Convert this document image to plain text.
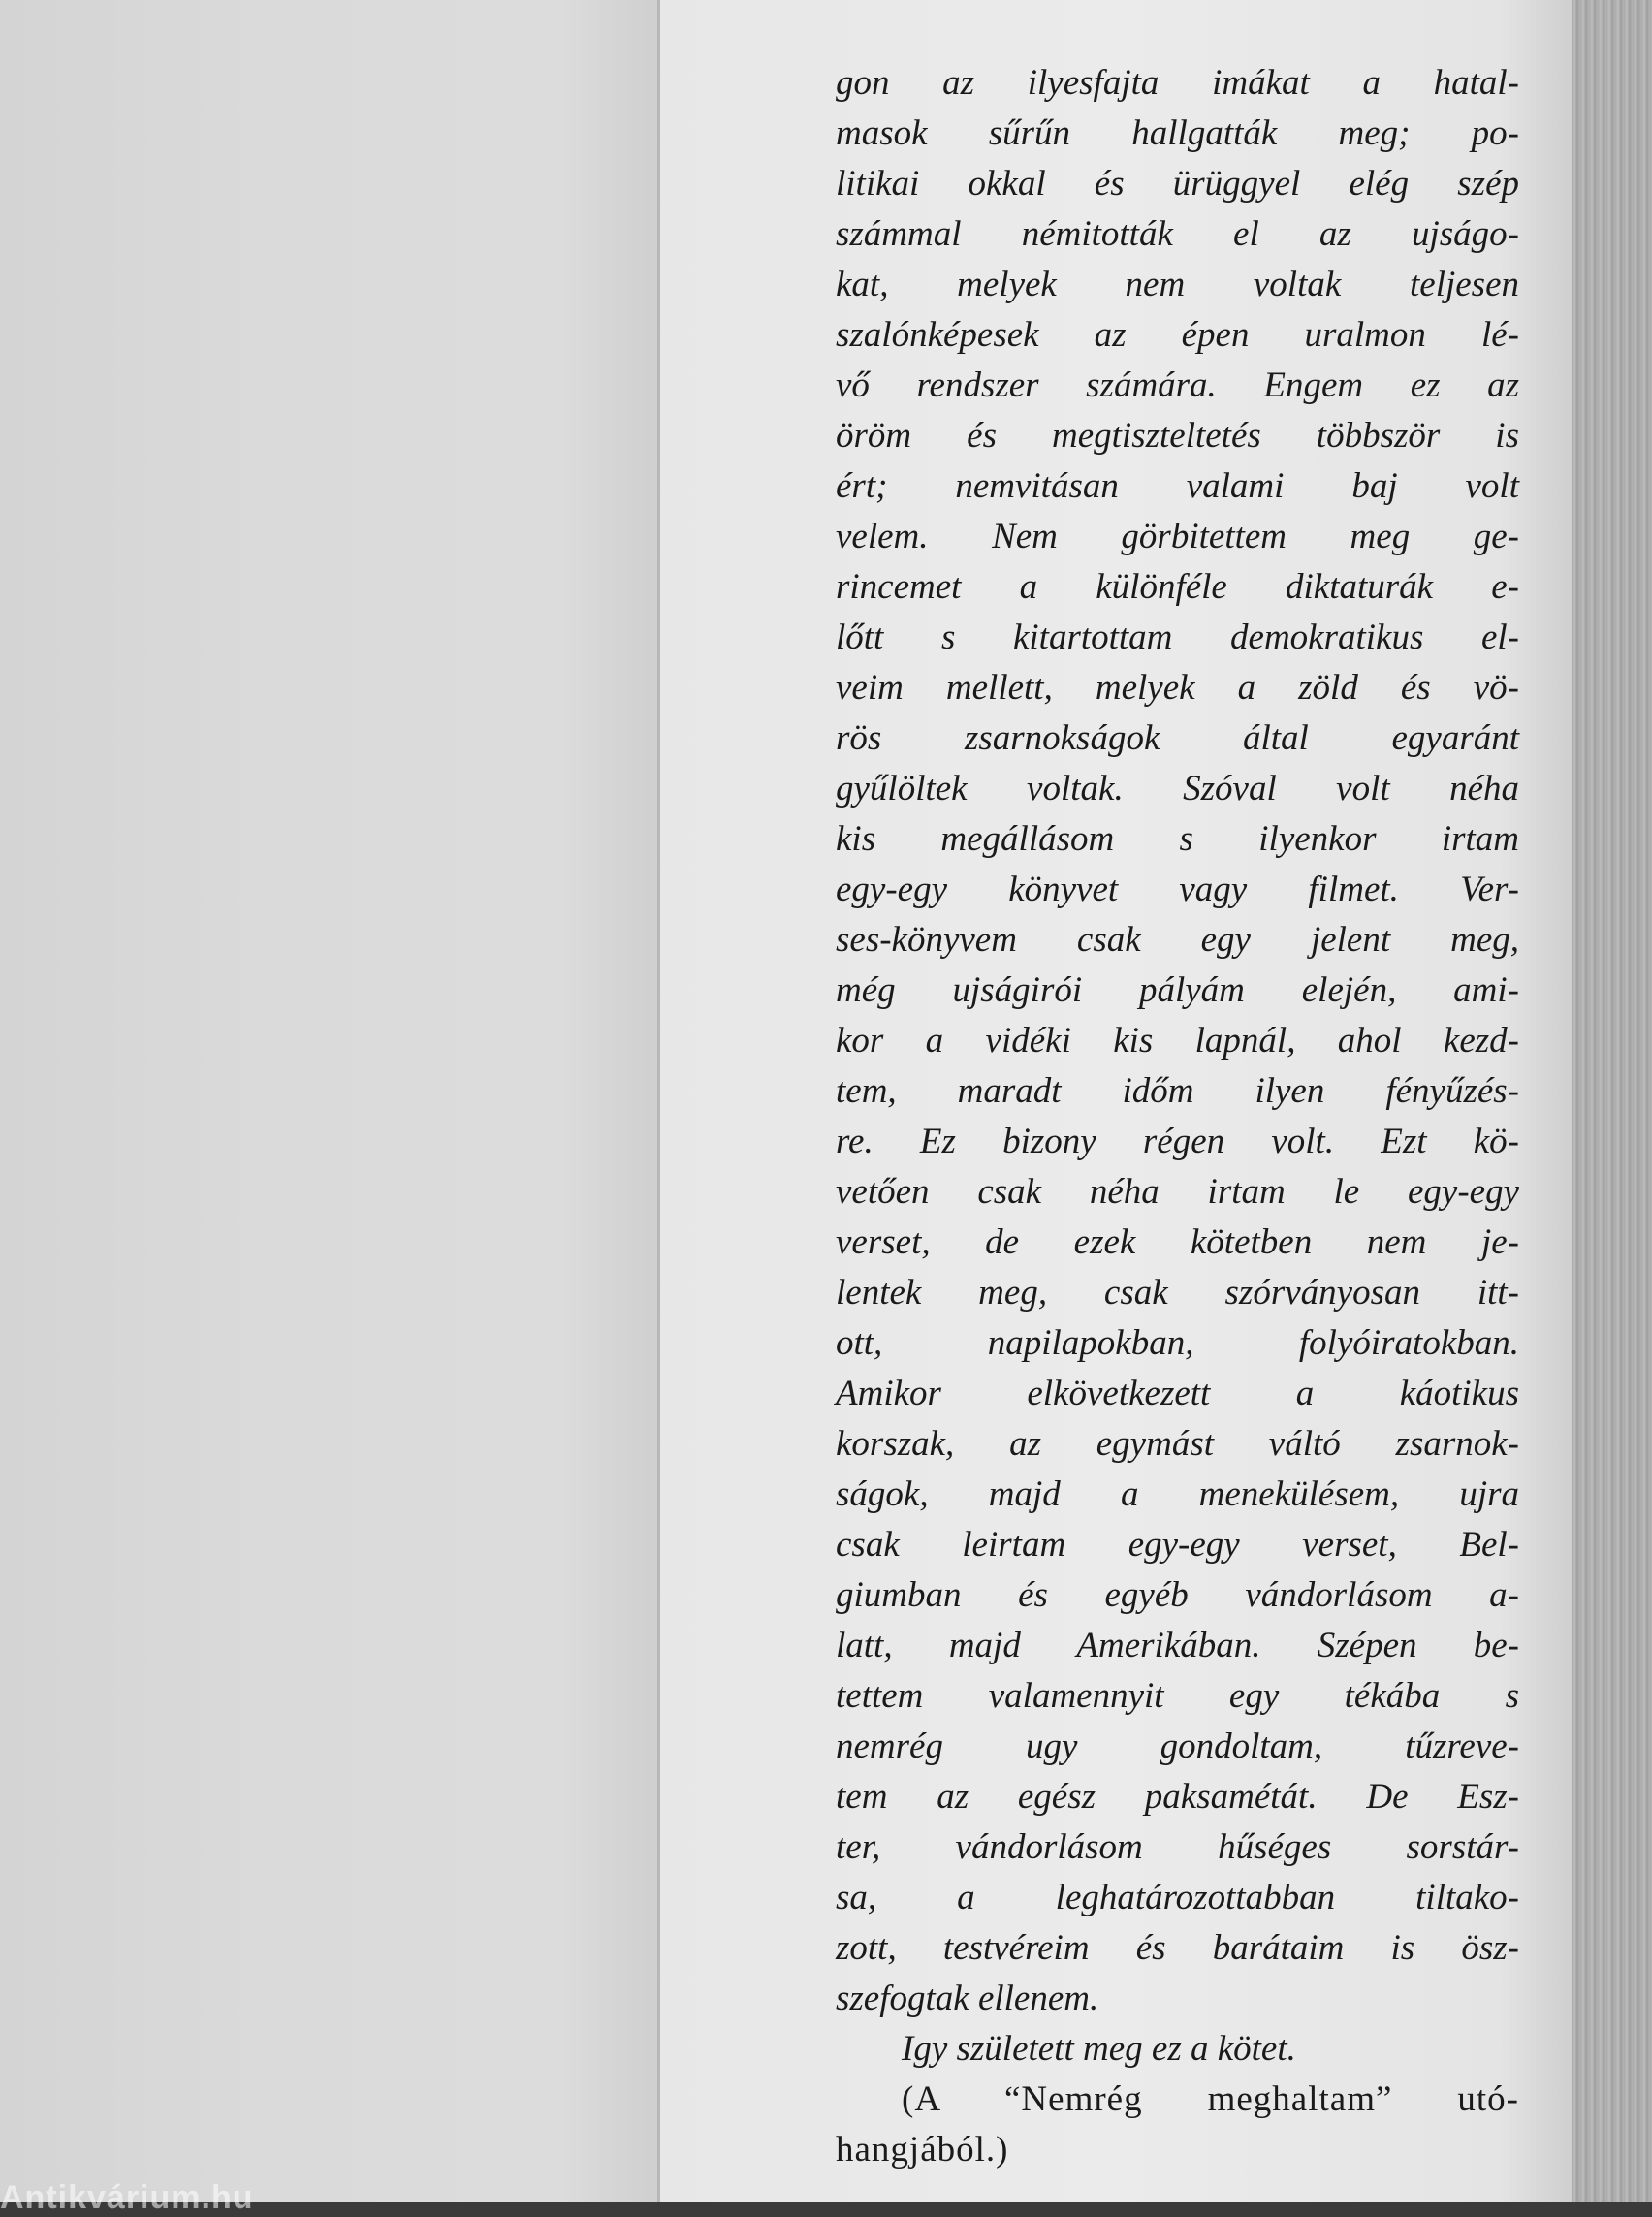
gon az ilyesfajta imákat a hatal-
masok sűrűn hallgatták meg; po-
litikai okkal és ürüggyel elég szép
számmal némitották el az ujságo-
kat, melyek nem voltak teljesen
szalónképesek az épen uralmon lé-
vő rendszer számára. Engem ez az
öröm és megtiszteltetés többször is
ért; nemvitásan valami baj volt
velem. Nem görbitettem meg ge-
rincemet a különféle diktaturák e-
lőtt s kitartottam demokratikus el-
veim mellett, melyek a zöld és vö-
rös zsarnokságok által egyaránt
gyűlöltek voltak. Szóval volt néha
kis megállásom s ilyenkor irtam
egy-egy könyvet vagy filmet. Ver-
ses-könyvem csak egy jelent meg,
még ujságirói pályám elején, ami-
kor a vidéki kis lapnál, ahol kezd-
tem, maradt időm ilyen fényűzés-
re. Ez bizony régen volt. Ezt kö-
vetően csak néha irtam le egy-egy
verset, de ezek kötetben nem je-
lentek meg, csak szórványosan itt-
ott, napilapokban, folyóiratokban.
Amikor elkövetkezett a káotikus
korszak, az egymást váltó zsarnok-
ságok, majd a menekülésem, ujra
csak leirtam egy-egy verset, Bel-
giumban és egyéb vándorlásom a-
latt, majd Amerikában. Szépen be-
tettem valamennyit egy tékába s
nemrég ugy gondoltam, tűzreve-
tem az egész paksamétát. De Esz-
ter, vándorlásom hűséges sorstár-
sa, a leghatározottabban tiltako-
zott, testvéreim és barátaim is ösz-
szefogtak ellenem.
Igy született meg ez a kötet.
(A “Nemrég meghaltam” utó-
hangjából.)
Antikvárium.hu
